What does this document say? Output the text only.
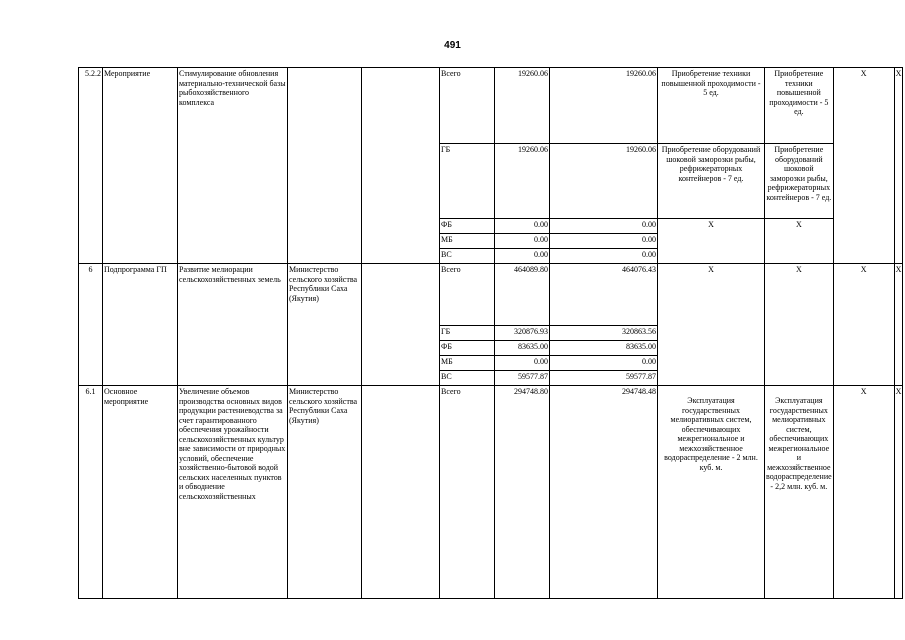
491
5.2.2	Мероприятие	Стимулирование обновления материально-технической базы рыбохозяйственного комплекса			Всего	19260.06	19260.06	Приобретение техники повышенной проходимости - 5 ед.	Приобретение техники повышенной проходимости - 5 ед.	X	X
					ГБ	19260.06	19260.06	Приобретение оборудований шоковой заморозки рыбы, рефрижераторных контейнеров - 7 ед.	Приобретение оборудований шоковой заморозки рыбы, рефрижераторных контейнеров - 7 ед.		
					ФБ	0.00	0.00	X	X		
					МБ	0.00	0.00				
					ВС	0.00	0.00				
6	Подпрограмма ГП	Развитие мелиорации сельскохозяйственных земель	Министерство сельского хозяйства Республики Саха (Якутия)		Всего	464089.80	464076.43	X	X	X	X
					ГБ	320876.93	320863.56				
					ФБ	83635.00	83635.00				
					МБ	0.00	0.00				
					ВС	59577.87	59577.87				
6.1	Основное мероприятие	Увеличение объемов производства основных видов продукции растениеводства за счет гарантированного обеспечения урожайности сельскохозяйственных культур вне зависимости от природных условий, обеспечение хозяйственно-бытовой водой сельских населенных пунктов и обводнение сельскохозяйственных	Министерство сельского хозяйства Республики Саха (Якутия)		Всего	294748.80	294748.48	Эксплуатация государственных мелиоративных систем, обеспечивающих межрегиональное и межхозяйственное водораспределение - 2 млн. куб. м.	Эксплуатация государственных мелиоративных систем, обеспечивающих межрегиональное и межхозяйственное водораспределение - 2,2 млн. куб. м.	X	X
